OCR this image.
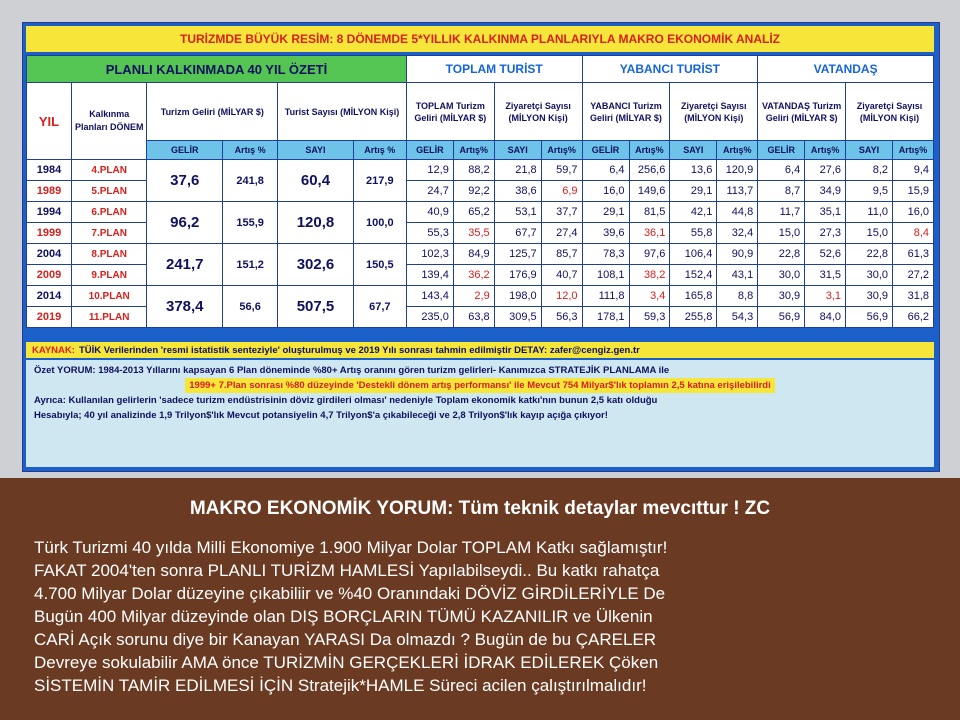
TURİZMDE BÜYÜK RESİM: 8 DÖNEMDE 5*YILLIK KALKINMA PLANLARIYLA MAKRO EKONOMİK ANALİZ
PLANLI KALKINMADA 40 YIL ÖZETİ						TOPLAM TURİST				YABANCI TURİST				VATANDAŞ			
YIL	Kalkınma Planları DÖNEM	Turizm Geliri (MİLYAR $)		Turist Sayısı (MİLYON Kişi)		TOPLAM Turizm Geliri (MİLYAR $)		Ziyaretçi Sayısı (MİLYON Kişi)		YABANCI Turizm Geliri (MİLYAR $)		Ziyaretçi Sayısı (MİLYON Kişi)		VATANDAŞ Turizm Geliri (MİLYAR $)		Ziyaretçi Sayısı (MİLYON Kişi)	
		GELİR	Artış %	SAYI	Artış %	GELİR	Artış%	SAYI	Artış%	GELİR	Artış%	SAYI	Artış%	GELİR	Artış%	SAYI	Artış%
1984	4.PLAN	37,6	241,8	60,4	217,9	12,9	88,2	21,8	59,7	6,4	256,6	13,6	120,9	6,4	27,6	8,2	9,4
1989	5.PLAN					24,7	92,2	38,6	6,9	16,0	149,6	29,1	113,7	8,7	34,9	9,5	15,9
1994	6.PLAN	96,2	155,9	120,8	100,0	40,9	65,2	53,1	37,7	29,1	81,5	42,1	44,8	11,7	35,1	11,0	16,0
1999	7.PLAN					55,3	35,5	67,7	27,4	39,6	36,1	55,8	32,4	15,0	27,3	15,0	8,4
2004	8.PLAN	241,7	151,2	302,6	150,5	102,3	84,9	125,7	85,7	78,3	97,6	106,4	90,9	22,8	52,6	22,8	61,3
2009	9.PLAN					139,4	36,2	176,9	40,7	108,1	38,2	152,4	43,1	30,0	31,5	30,0	27,2
2014	10.PLAN	378,4	56,6	507,5	67,7	143,4	2,9	198,0	12,0	111,8	3,4	165,8	8,8	30,9	3,1	30,9	31,8
2019	11.PLAN					235,0	63,8	309,5	56,3	178,1	59,3	255,8	54,3	56,9	84,0	56,9	66,2
KAYNAK: TÜİK Verilerinden 'resmi istatistik senteziyle' oluşturulmuş ve 2019 Yılı sonrası tahmin edilmiştir DETAY: zafer@cengiz.gen.tr
Özet YORUM: 1984-2013 Yıllarını kapsayan 6 Plan döneminde %80+ Artış oranını gören turizm gelirleri- Kanımızca STRATEJİK PLANLAMA ile
1999+ 7.Plan sonrası %80 düzeyinde 'Destekli dönem artış performansı' ile Mevcut 754 Milyar$'lık toplamın 2,5 katına erişilebilirdi
Ayrıca: Kullanılan gelirlerin 'sadece turizm endüstrisinin döviz girdileri olması' nedeniyle Toplam ekonomik katkı'nın bunun 2,5 katı olduğu
Hesabıyla; 40 yıl analizinde 1,9 Trilyon$'lık Mevcut potansiyelin 4,7 Trilyon$'a çıkabileceği ve 2,8 Trilyon$'lık kayıp açığa çıkıyor!
MAKRO EKONOMİK YORUM: Tüm teknik detaylar mevcıttur ! ZC
Türk Turizmi 40 yılda Milli Ekonomiye 1.900 Milyar Dolar TOPLAM Katkı sağlamıştır!
FAKAT 2004'ten sonra PLANLI TURİZM HAMLESİ Yapılabilseydi.. Bu katkı rahatça
4.700 Milyar Dolar düzeyine çıkabiliir ve %40 Oranındaki DÖVİZ GİRDİLERİYLE De
Bugün 400 Milyar düzeyinde olan DIŞ BORÇLARIN TÜMÜ KAZANILIR ve Ülkenin
CARİ Açık sorunu diye bir Kanayan YARASI Da olmazdı ? Bugün de bu ÇARELER
Devreye sokulabilir AMA önce TURİZMİN GERÇEKLERİ İDRAK EDİLEREK Çöken
SİSTEMİN TAMİR EDİLMESİ İÇİN Stratejik*HAMLE Süreci acilen çalıştırılmalıdır!
